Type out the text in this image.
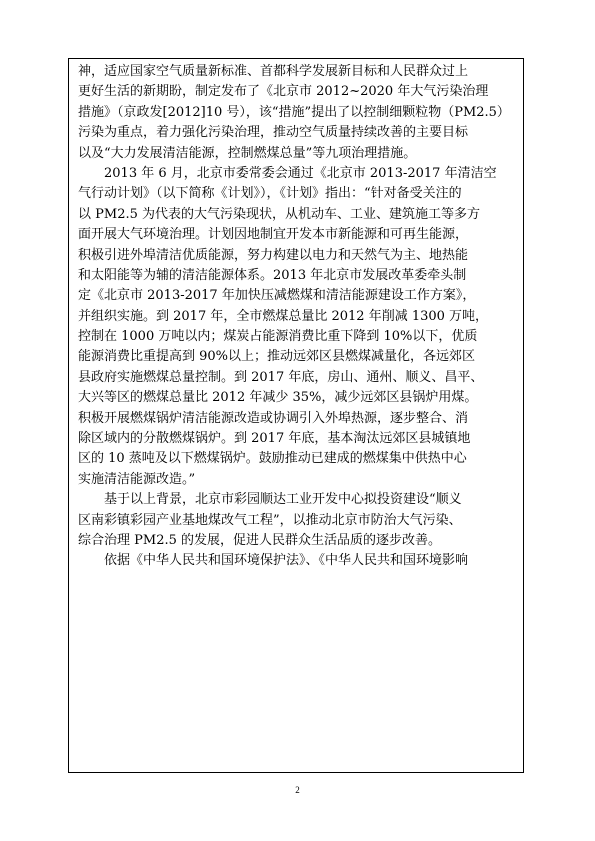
神，适应国家空气质量新标准、首都科学发展新目标和人民群众过上
更好生活的新期盼，制定发布了《北京市 2012~2020 年大气污染治理
措施》（京政发[2012]10 号），该“措施”提出了以控制细颗粒物（PM2.5）
污染为重点，着力强化污染治理，推动空气质量持续改善的主要目标
以及“大力发展清洁能源，控制燃煤总量”等九项治理措施。
　　2013 年 6 月，北京市委常委会通过《北京市 2013-2017 年清洁空
气行动计划》（以下简称《计划》），《计划》指出：“针对备受关注的
以 PM2.5 为代表的大气污染现状，从机动车、工业、建筑施工等多方
面开展大气环境治理。计划因地制宜开发本市新能源和可再生能源，
积极引进外埠清洁优质能源，努力构建以电力和天然气为主、地热能
和太阳能等为辅的清洁能源体系。2013 年北京市发展改革委牵头制
定《北京市 2013-2017 年加快压减燃煤和清洁能源建设工作方案》，
并组织实施。到 2017 年，全市燃煤总量比 2012 年削减 1300 万吨，
控制在 1000 万吨以内；煤炭占能源消费比重下降到 10%以下，优质
能源消费比重提高到 90%以上；推动远郊区县燃煤减量化，各远郊区
县政府实施燃煤总量控制。到 2017 年底，房山、通州、顺义、昌平、
大兴等区的燃煤总量比 2012 年减少 35%，减少远郊区县锅炉用煤。
积极开展燃煤锅炉清洁能源改造或协调引入外埠热源，逐步整合、消
除区域内的分散燃煤锅炉。到 2017 年底，基本淘汰远郊区县城镇地
区的 10 蒸吨及以下燃煤锅炉。鼓励推动已建成的燃煤集中供热中心
实施清洁能源改造。”
　　基于以上背景，北京市彩园顺达工业开发中心拟投资建设“顺义
区南彩镇彩园产业基地煤改气工程”，以推动北京市防治大气污染、
综合治理 PM2.5 的发展，促进人民群众生活品质的逐步改善。
　　依据《中华人民共和国环境保护法》、《中华人民共和国环境影响
2
